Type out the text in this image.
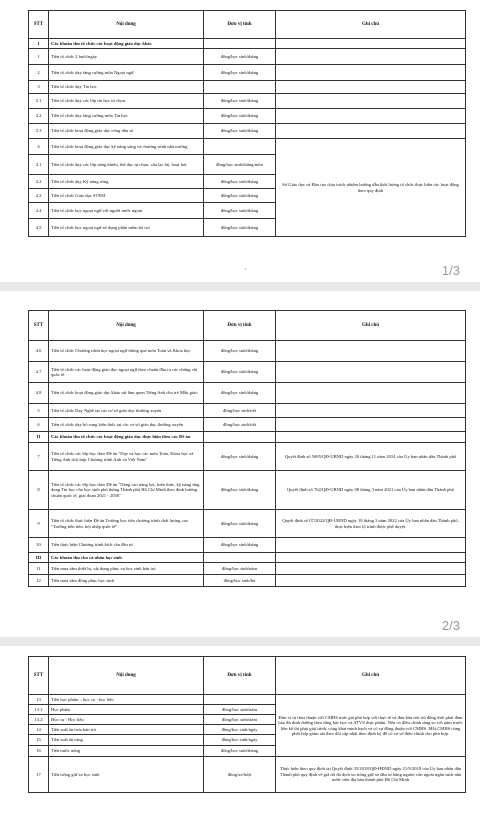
STT	Nội dung	Đơn vị tính	Ghi chú
I	Các khoản thu tổ chức các hoạt động giáo dục khác		
1	Tiền tổ chức 2 buổi/ngày	đồng/học sinh/tháng	
2	Tiền tổ chức dạy tăng cường môn Ngoại ngữ	đồng/học sinh/tháng	
3	Tiền tổ chức dạy Tin học		
3.1	Tiền tổ chức dạy các lớp tin học tự chọn	đồng/học sinh/tháng	
3.2	Tiền tổ chức dạy tăng cường môn Tin học	đồng/học sinh/tháng	
3.3	Tiền tổ chức hoạt động giáo dục công dân số	đồng/học sinh/tháng	
4	Tiền tổ chức hoạt động giáo dục kỹ năng sống và chương trình nhà trường		Sở Giáo dục và Đào tạo chịu trách nhiệm hướng dẫn thời lượng tổ chức thực hiện các hoạt động theo quy định
4.1	Tiền tổ chức dạy các lớp năng khiếu, thể dục tự chọn, câu lạc bộ, hoạt hơi	đồng/học sinh/tháng/môn	
4.2	Tiền tổ chức dạy Kỹ năng sống	đồng/học sinh/tháng	
4.3	Tiền tổ chức Giáo dục STEM	đồng/học sinh/tháng	
4.4	Tiền tổ chức học ngoại ngữ với người nước ngoài	đồng/học sinh/tháng	
4.5	Tiền tổ chức học ngoại ngữ sử dụng phần mềm bổ trợ	đồng/học sinh/tháng	
ı	1/3
STT	Nội dung	Đơn vị tính	Ghi chú
4.6	Tiền tổ chức Chương trình học ngoại ngữ thông qua môn Toán và Khoa học	đồng/học sinh/tháng	
4.7	Tiền tổ chức các hoạt động giáo dục ngoại ngữ theo chuẩn đầu ra các chứng chỉ quốc tế	đồng/học sinh/tháng	
4.8	Tiền tổ chức hoạt động giáo dục khảo sát làm quen Tiếng Anh cho trẻ Mẫu giáo	đồng/học sinh/tháng	
5	Tiền tổ chức Dạy Nghề tại các cơ sở giáo dục thường xuyên	đồng/học sinh/tiết	
6	Tiền tổ chức dạy bổ sung kiến thức tại các cơ sở giáo dục thường xuyên	đồng/học sinh/tiết	
II	Các khoản thu tổ chức các hoạt động giáo dục thực hiện theo các Đề án		
7	Tiền tổ chức các lớp học theo Đề án "Dạy và học các môn Toán, Khoa học và Tiếng Anh tích hợp Chương trình Anh và Việt Nam"	đồng/học sinh/tháng	Quyết định số 5695/QĐ-UBND ngày 20 tháng 11 năm 2014 của Ủy ban nhân dân Thành phố
8	Tiền tổ chức các lớp học theo Đề án "Nâng cao năng lực, kiến thức, kỹ năng ứng dụng Tin học cho học sinh phổ thông Thành phố Hồ Chí Minh theo định hướng chuẩn quốc tế, giai đoạn 2021 - 2030"	đồng/học sinh/tháng	Quyết định số 762/QĐ-UBND ngày 08 tháng 3 năm 2021 của Ủy ban nhân dân Thành phố
9	Tiền tổ chức thực hiện Đề án Trường học tiên chương trình chất lượng cao "Trường tiên tiến, hội nhập quốc tế"	đồng/học sinh/tháng	Quyết định số 07/2022/QĐ-UBND ngày 18 tháng 3 năm 2022 của Ủy ban nhân dân Thành phố, thực hiện theo lộ trình được phê duyệt.
10	Tiền thực hiện Chương trình kích cầu đầu tư	đồng/học sinh/tháng	
III	Các khoản thu cho cá nhân học sinh		
11	Tiền mua sắm thiết bị, vật dụng phục vụ học sinh bán trú	đồng/học sinh/năm	
12	Tiền mua sắm đồng phục học sinh	đồng/học sinh/bộ	
2/3
STT	Nội dung	Đơn vị tính	Ghi chú
13	Tiền học phẩm – học cụ - học liệu		Đơn vị tự thỏa thuận với CMHS mức giá phù hợp với thực tế và đưa bàn nơi trú đồng thời phải đảm bảo đủ dinh dưỡng theo từng bậc học và ATVS thực phẩm. Nếu có điều chỉnh tăng so với năm trước liền kề thì phải giải trình, công khai minh bạch và có sự đồng thuận với CMHS. Mỗi CMHS cùng phối hợp giám sát theo dõi cập nhật theo định kỳ để có cơ sở điều chỉnh cho phù hợp.
13.1	Học phẩm	đồng/học sinh/năm	
13.2	Học cụ - Học liệu	đồng/học sinh/năm	
14	Tiền suất ăn trưa bán trú	đồng/học sinh/ngày	
15	Tiền suất ăn sáng	đồng/học sinh/ngày	
16	Tiền nước uống	đồng/học sinh/tháng	
17	Tiền trông giữ xe học sinh	đồng/xe/lượt	Thực hiện theo quy định tại Quyết định 35/2018/QĐ-HĐND ngày 21/9/2018 của Ủy ban nhân dân Thành phố quy định về giá tối đa dịch vụ trông giữ xe đầu tư bằng nguồn vốn ngoài ngân sách nhà nước trên địa bàn thành phố Hồ Chí Minh
